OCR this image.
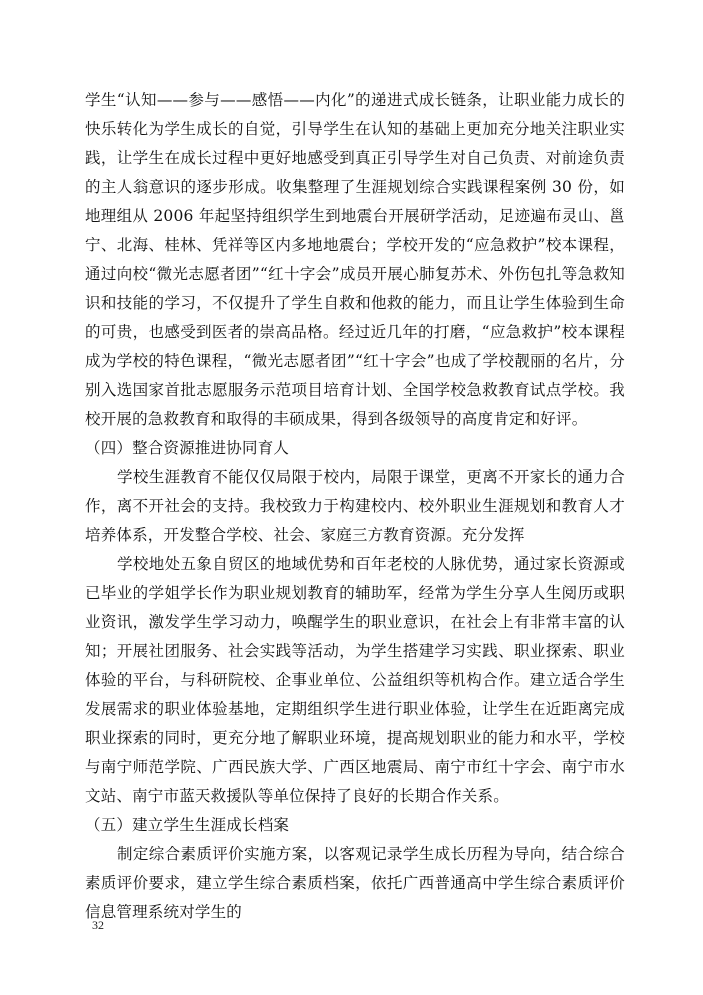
学生“认知——参与——感悟——内化”的递进式成长链条，让职业能力成长的快乐转化为学生成长的自觉，引导学生在认知的基础上更加充分地关注职业实践，让学生在成长过程中更好地感受到真正引导学生对自己负责、对前途负责的主人翁意识的逐步形成。收集整理了生涯规划综合实践课程案例 30 份，如地理组从 2006 年起坚持组织学生到地震台开展研学活动，足迹遍布灵山、邕宁、北海、桂林、凭祥等区内多地地震台；学校开发的“应急救护”校本课程，通过向校“微光志愿者团”“红十字会”成员开展心肺复苏术、外伤包扎等急救知识和技能的学习，不仅提升了学生自救和他救的能力，而且让学生体验到生命的可贵，也感受到医者的崇高品格。经过近几年的打磨，“应急救护”校本课程成为学校的特色课程，“微光志愿者团”“红十字会”也成了学校靓丽的名片，分别入选国家首批志愿服务示范项目培育计划、全国学校急救教育试点学校。我校开展的急救教育和取得的丰硕成果，得到各级领导的高度肯定和好评。

（四）整合资源推进协同育人

学校生涯教育不能仅仅局限于校内，局限于课堂，更离不开家长的通力合作，离不开社会的支持。我校致力于构建校内、校外职业生涯规划和教育人才培养体系，开发整合学校、社会、家庭三方教育资源。充分发挥

学校地处五象自贸区的地域优势和百年老校的人脉优势，通过家长资源或已毕业的学姐学长作为职业规划教育的辅助军，经常为学生分享人生阅历或职业资讯，激发学生学习动力，唤醒学生的职业意识，在社会上有非常丰富的认知；开展社团服务、社会实践等活动，为学生搭建学习实践、职业探索、职业体验的平台，与科研院校、企事业单位、公益组织等机构合作。建立适合学生发展需求的职业体验基地，定期组织学生进行职业体验，让学生在近距离完成职业探索的同时，更充分地了解职业环境，提高规划职业的能力和水平，学校与南宁师范学院、广西民族大学、广西区地震局、南宁市红十字会、南宁市水文站、南宁市蓝天救援队等单位保持了良好的长期合作关系。

（五）建立学生生涯成长档案

制定综合素质评价实施方案，以客观记录学生成长历程为导向，结合综合素质评价要求，建立学生综合素质档案，依托广西普通高中学生综合素质评价信息管理系统对学生的

32
